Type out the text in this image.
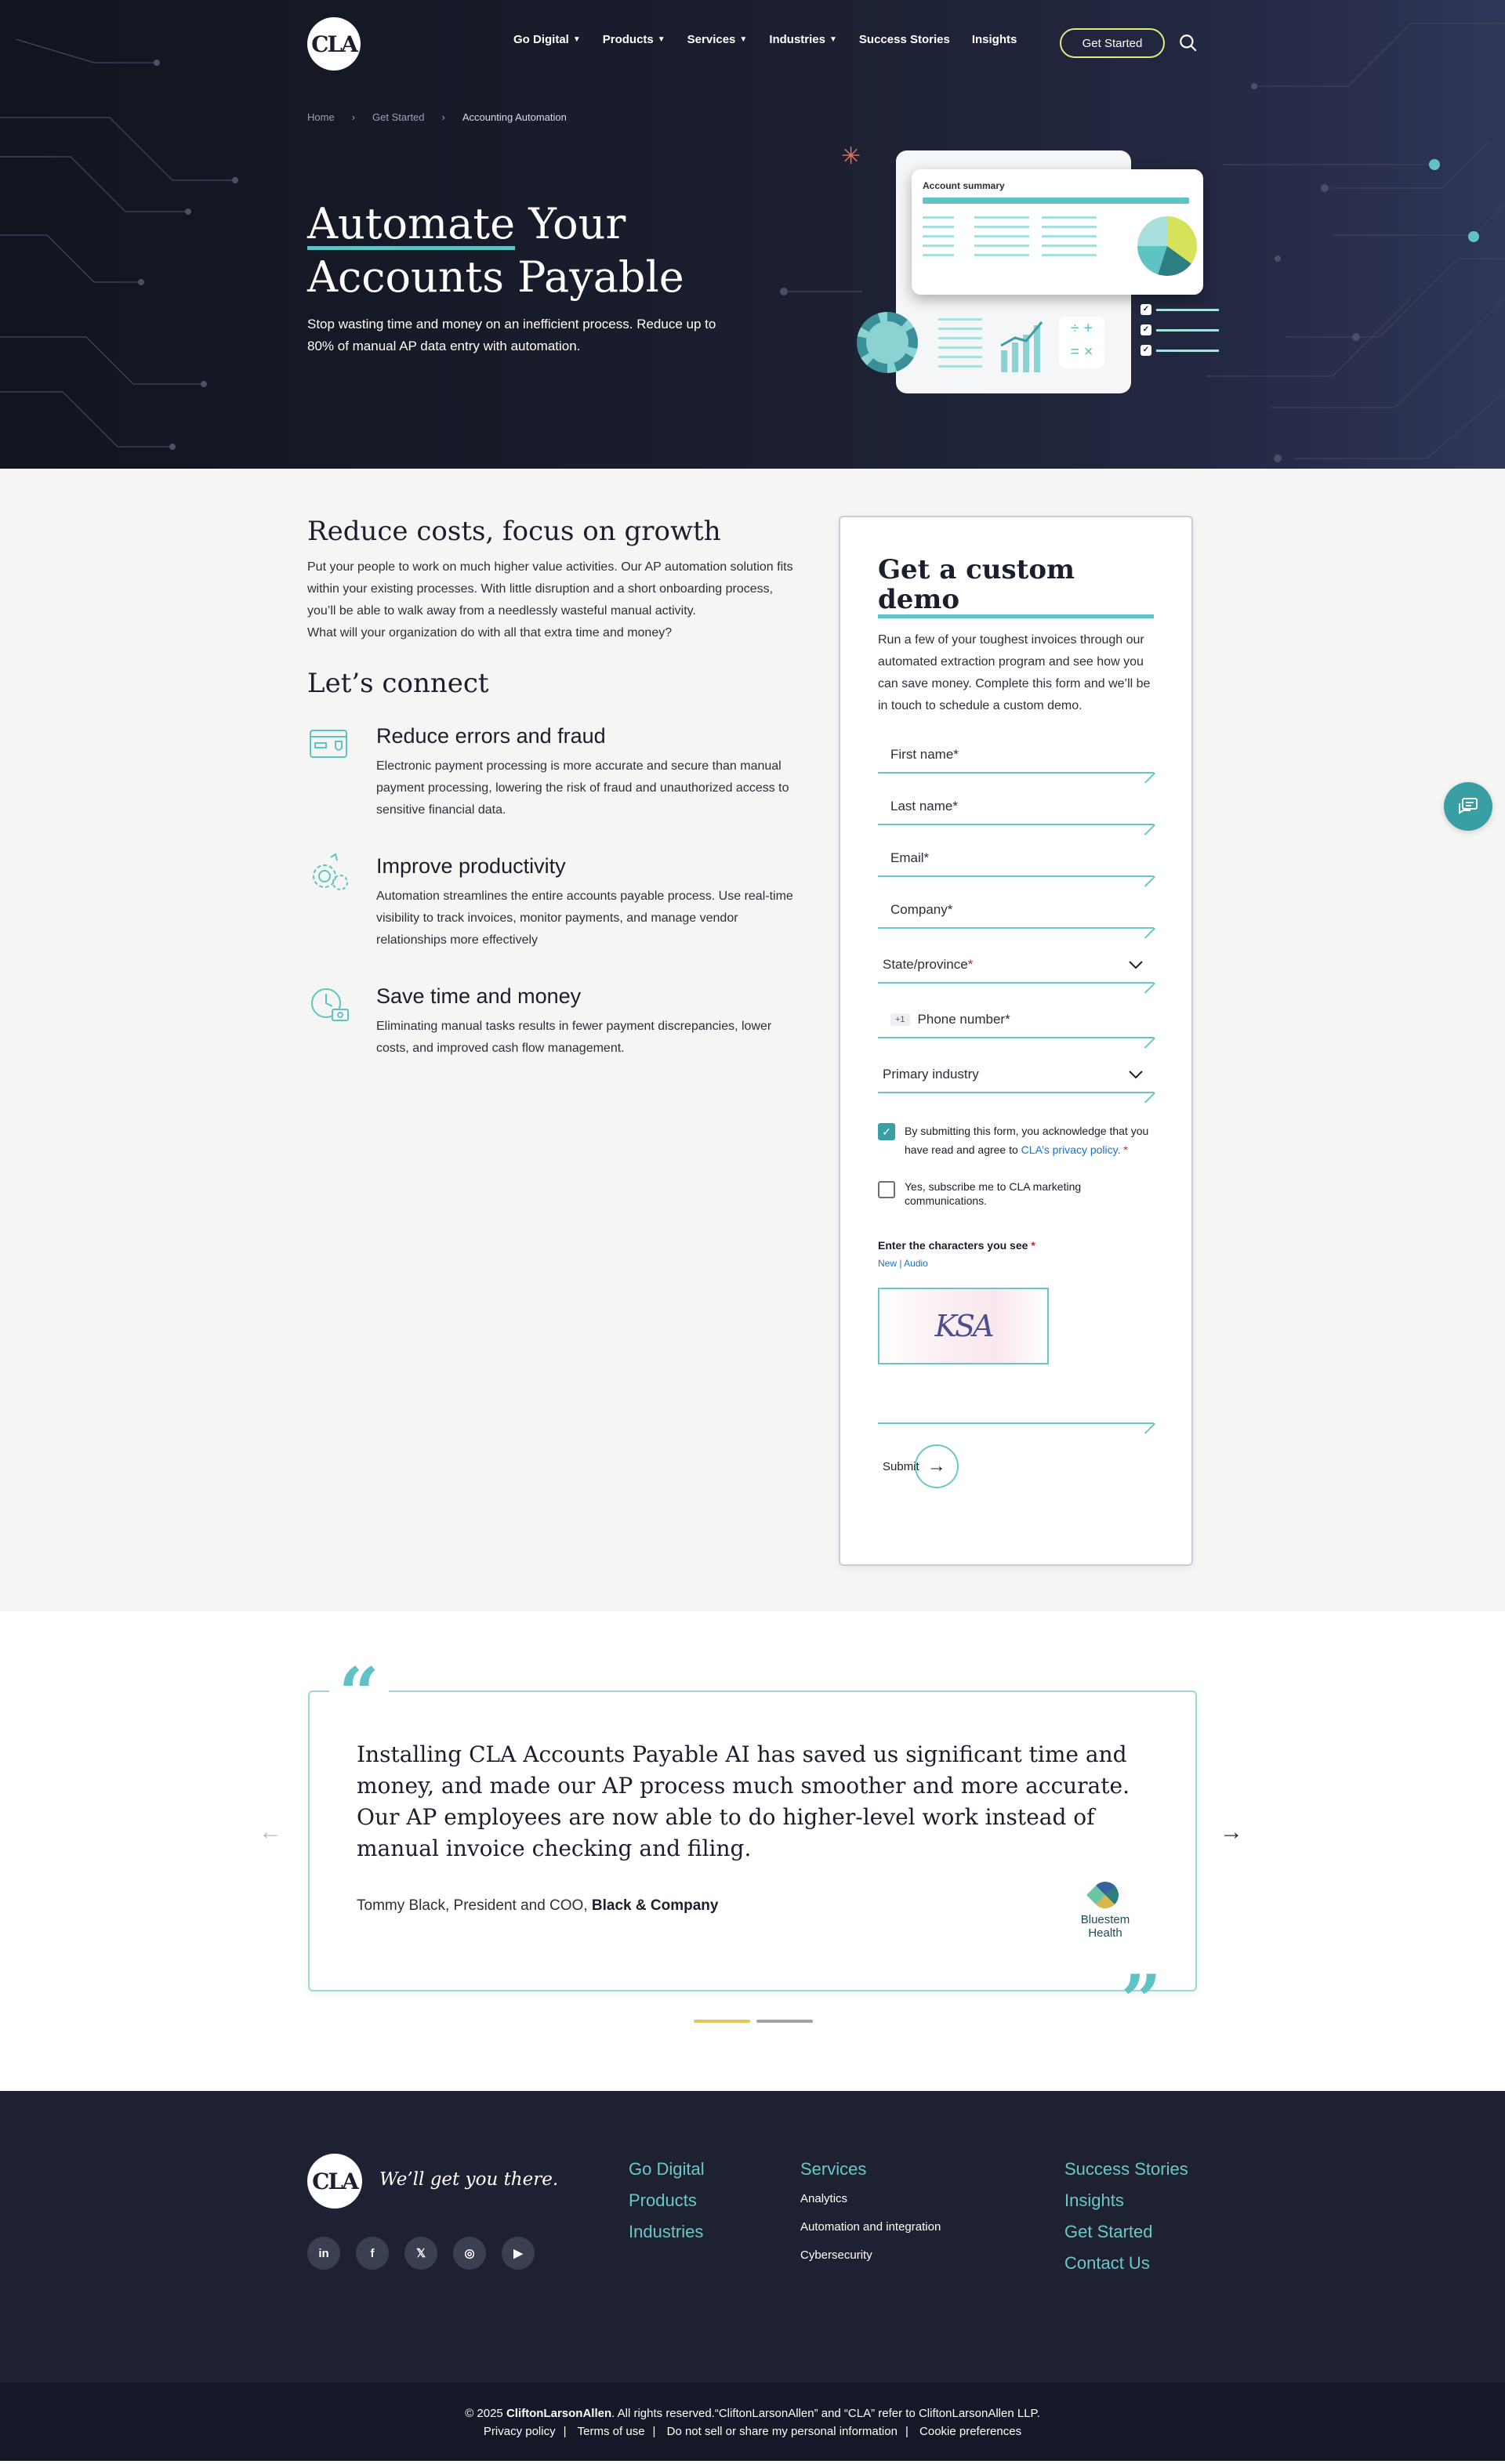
CLA	Go Digital ▼ Products ▼ Services ▼ Industries ▼ Success Stories Insights	Get Started
Home › Get Started › Accounting Automation
Automate Your
Accounts Payable

Stop wasting time and money on an inefficient process. Reduce up to 80% of manual AP data entry with automation.

✳
Account summary
÷ +
= ×
✓
✓
✓
Reduce costs, focus on growth

Put your people to work on much higher value activities. Our AP automation solution fits within your existing processes. With little disruption and a short onboarding process, you’ll be able to walk away from a needlessly wasteful manual activity.
What will your organization do with all that extra time and money?

Let’s connect
Reduce errors and fraud
Electronic payment processing is more accurate and secure than manual payment processing, lowering the risk of fraud and unauthorized access to sensitive financial data.
Improve productivity
Automation streamlines the entire accounts payable process. Use real-time visibility to track invoices, monitor payments, and manage vendor relationships more effectively
Save time and money
Eliminating manual tasks results in fewer payment discrepancies, lower costs, and improved cash flow management.
Get a custom demo

Run a few of your toughest invoices through our automated extraction program and see how you can save money. Complete this form and we’ll be in touch to schedule a custom demo.

First name*
Last name*
Email*
Company*
State/province*
+1 Phone number*
Primary industry
✓	By submitting this form, you acknowledge that you have read and agree to CLA’s privacy policy. *
Yes, subscribe me to CLA marketing communications.
Enter the characters you see *
New | Audio
KSA
Submit →
←

Installing CLA Accounts Payable AI has saved us significant time and money, and made our AP process much smoother and more accurate. Our AP employees are now able to do higher-level work instead of manual invoice checking and filing.

Tommy Black, President and COO, Black & Company
Bluestem
Health
“
”
→
CLA We’ll get you there.
in	f	𝕏	◎	▶
Go Digital
Products
Industries
Services
Analytics
Automation and integration
Cybersecurity
Success Stories
Insights
Get Started
Contact Us
© 2025 CliftonLarsonAllen. All rights reserved.“CliftonLarsonAllen” and “CLA” refer to CliftonLarsonAllen LLP.
Privacy policy | Terms of use | Do not sell or share my personal information | Cookie preferences
